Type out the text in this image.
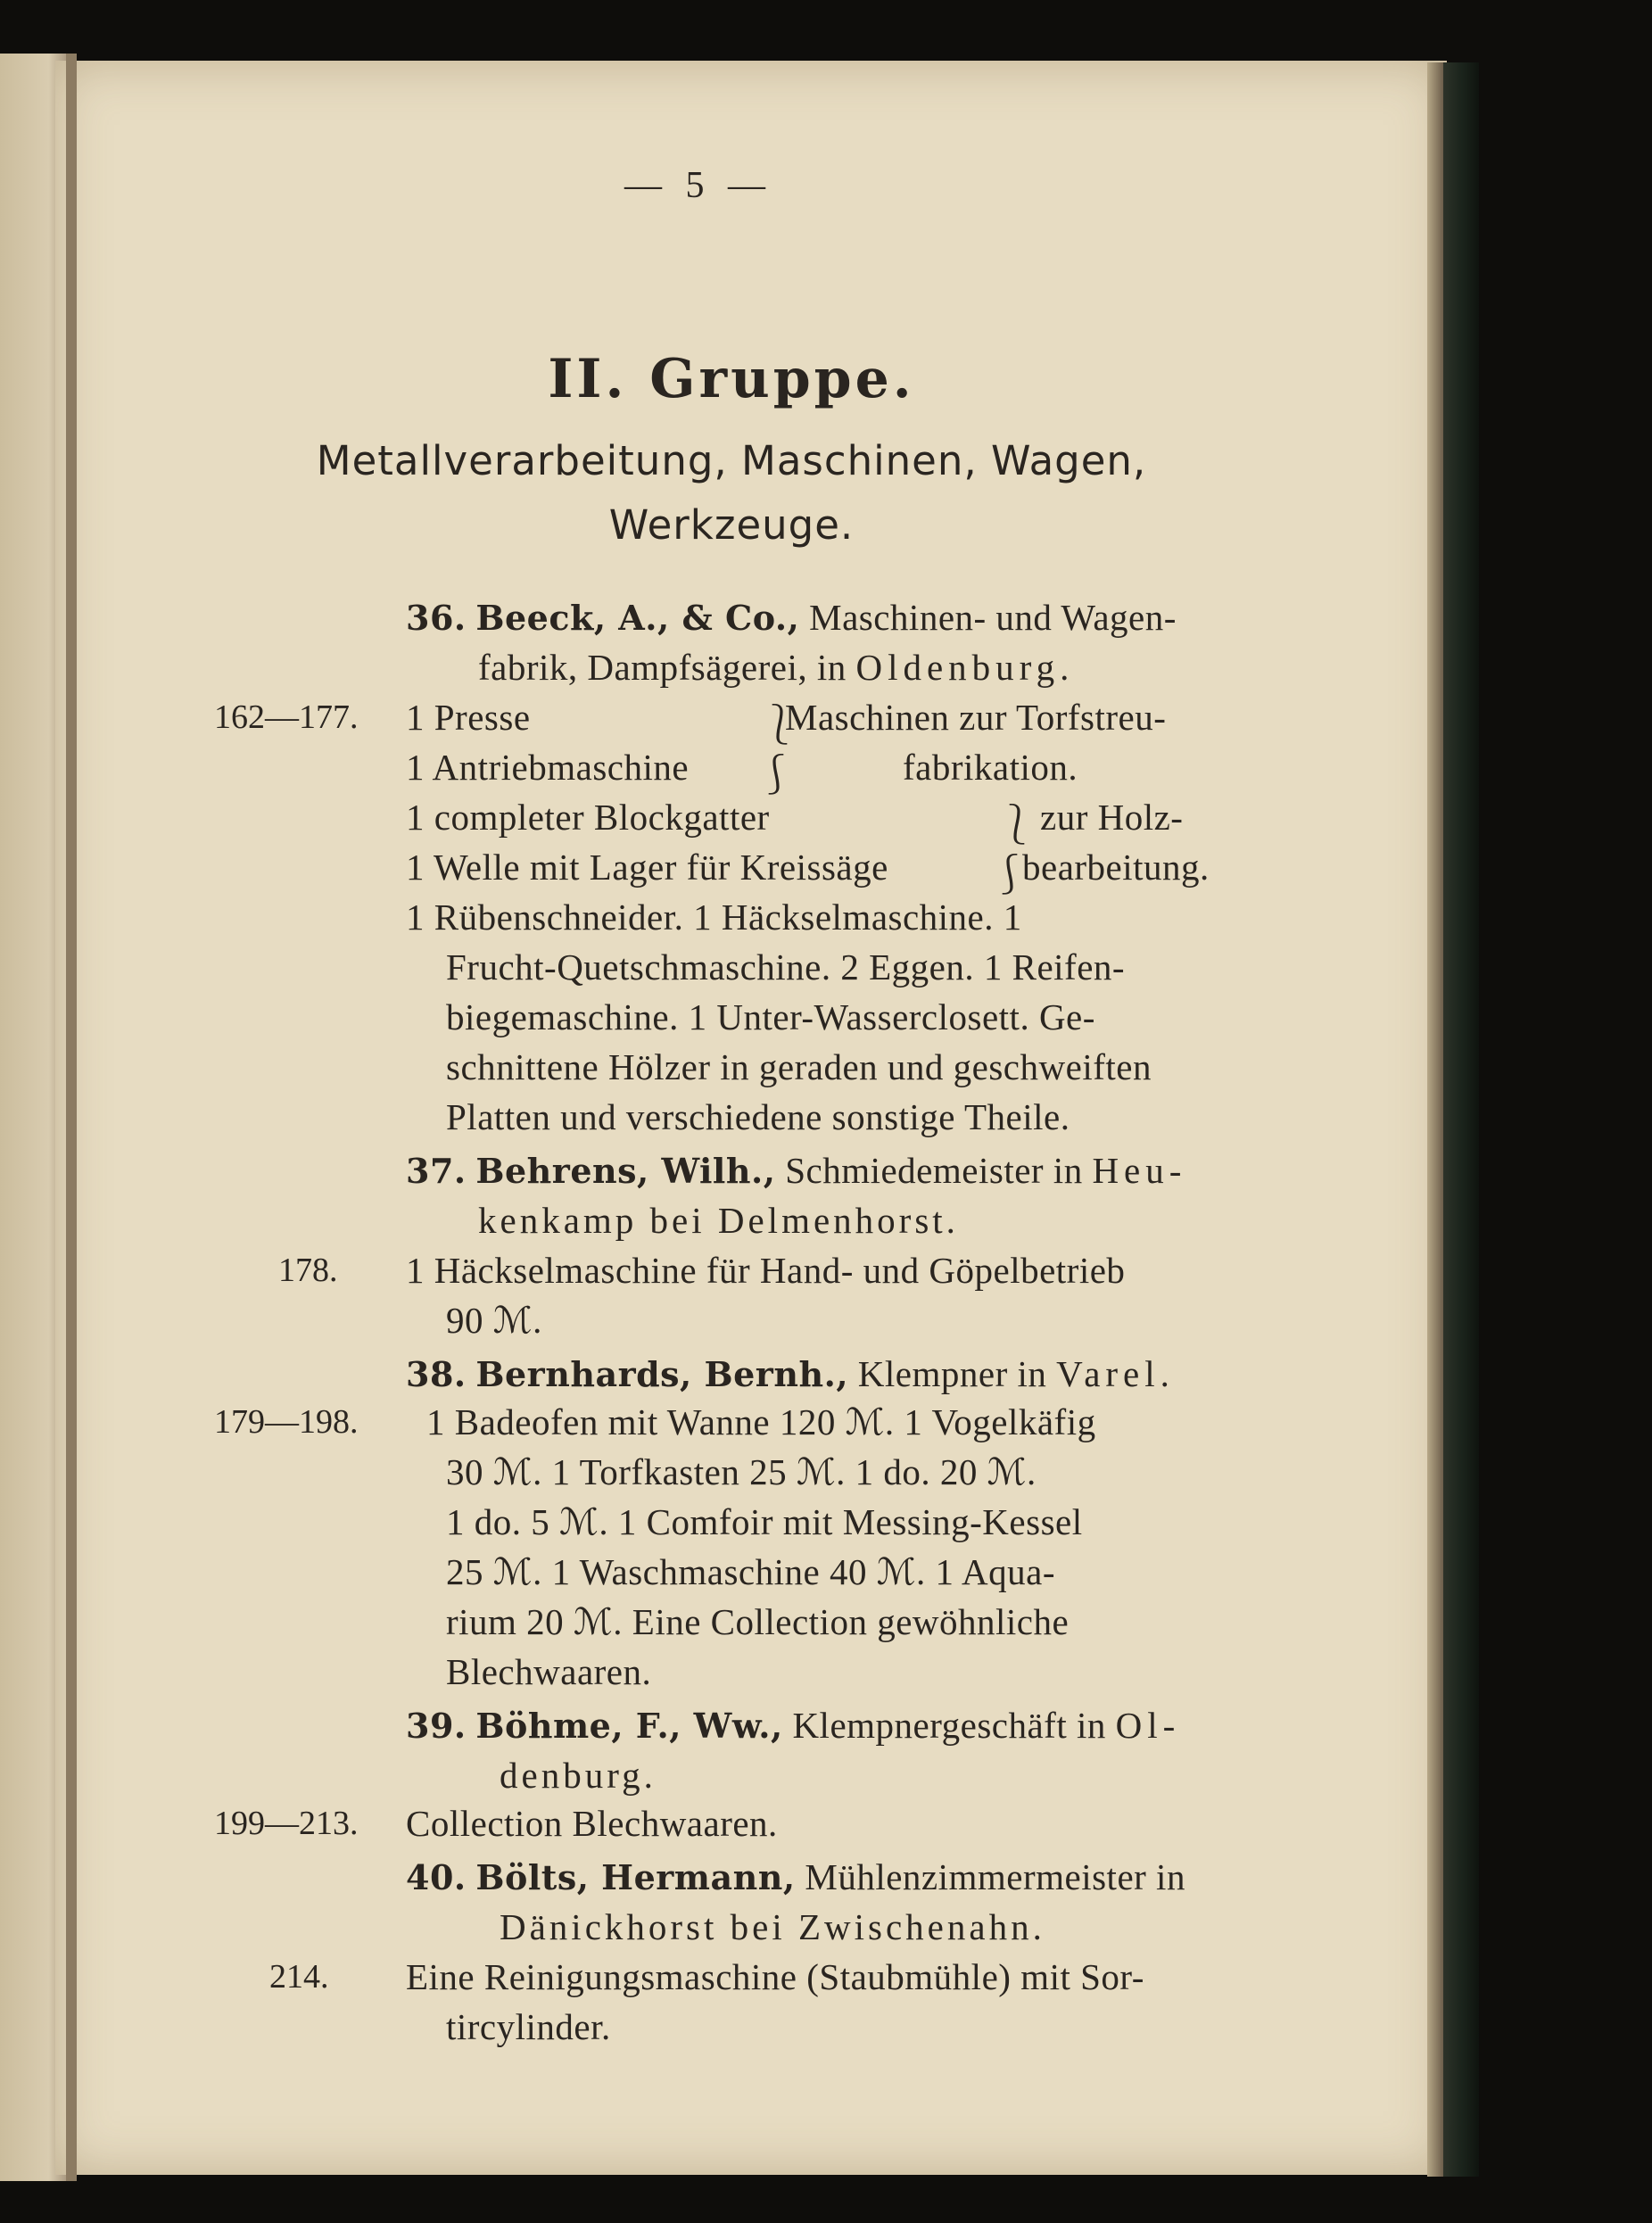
— 5 —
II. Gruppe.
Metallverarbeitung, Maschinen, Wagen,
Werkzeuge.
36. Beeck, A., & Co., Maschinen- und Wagen-
fabrik, Dampfsägerei, in Oldenburg.
162—177. 1 Presse	⎱
Maschinen zur Torfstreu-
1 Antriebmaschine ⎰	fabrikation.
1 completer Blockgatter	⎱ zur Holz-
1 Welle mit Lager für Kreissäge	⎰
bearbeitung.
1 Rübenschneider. 1 Häckselmaschine. 1
Frucht-Quetschmaschine. 2 Eggen. 1 Reifen-
biegemaschine. 1 Unter-Wasserclosett. Ge-
schnittene Hölzer in geraden und geschweiften
Platten und verschiedene sonstige Theile.
37. Behrens, Wilh., Schmiedemeister in Heu-
kenkamp bei Delmenhorst.
178. 1 Häckselmaschine für Hand- und Göpelbetrieb
90 ℳ.
38. Bernhards, Bernh., Klempner in Varel.
179—198. 1 Badeofen mit Wanne 120 ℳ. 1 Vogelkäfig
30 ℳ. 1 Torfkasten 25 ℳ. 1 do. 20 ℳ.
1 do. 5 ℳ. 1 Comfoir mit Messing-Kessel
25 ℳ. 1 Waschmaschine 40 ℳ. 1 Aqua-
rium 20 ℳ. Eine Collection gewöhnliche
Blechwaaren.
39. Böhme, F., Ww., Klempnergeschäft in Ol-
denburg.
199—213. Collection Blechwaaren.
40. Bölts, Hermann, Mühlenzimmermeister in
Dänickhorst bei Zwischenahn.
214. Eine Reinigungsmaschine (Staubmühle) mit Sor-
tircylinder.
